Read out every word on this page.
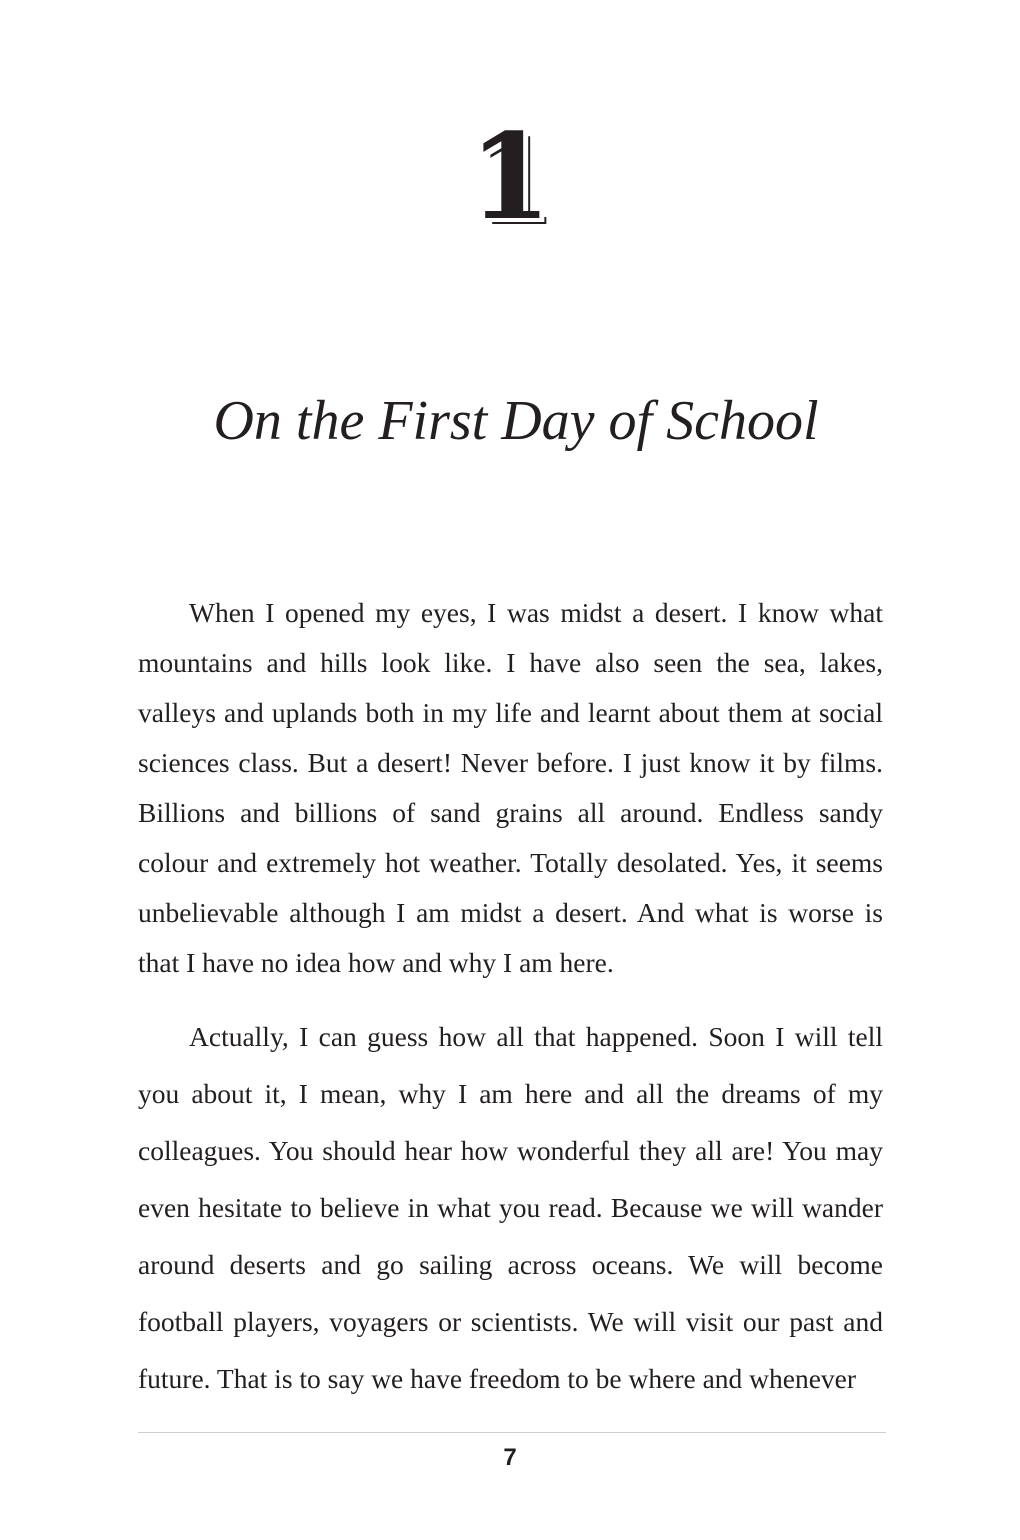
1
On the First Day of School

When I opened my eyes, I was midst a desert. I know what mountains and hills look like. I have also seen the sea, lakes, valleys and uplands both in my life and learnt about them at social sciences class. But a desert! Never before. I just know it by films. Billions and billions of sand grains all around. Endless sandy colour and extremely hot weather. Totally desolated. Yes, it seems unbelievable although I am midst a desert. And what is worse is that I have no idea how and why I am here.

Actually, I can guess how all that happened. Soon I will tell you about it, I mean, why I am here and all the dreams of my colleagues. You should hear how wonderful they all are! You may even hesitate to believe in what you read. Because we will wander around deserts and go sailing across oceans. We will become football players, voyagers or scientists. We will visit our past and future. That is to say we have freedom to be where and whenever

7
